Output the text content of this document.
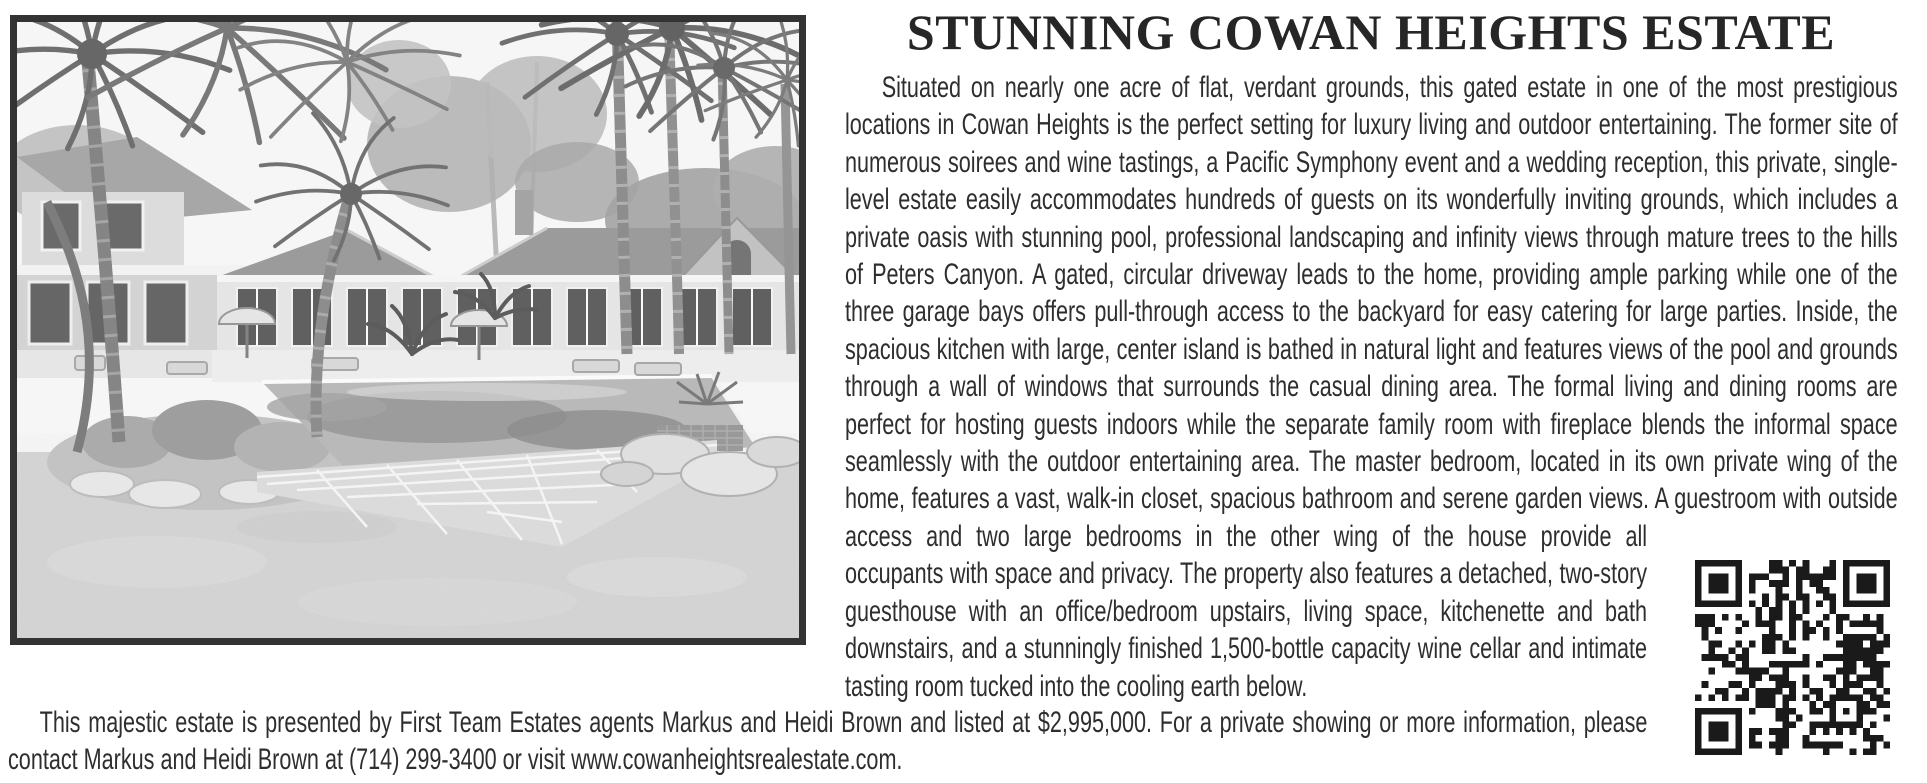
STUNNING COWAN HEIGHTS ESTATE

Situated on nearly one acre of flat, verdant grounds, this gated estate in one of the most prestigious locations in Cowan Heights is the perfect setting for luxury living and outdoor entertaining. The former site of numerous soirees and wine tastings, a Pacific Symphony event and a wedding reception, this private, single-level estate easily accommodates hundreds of guests on its wonderfully inviting grounds, which includes a private oasis with stunning pool, professional landscaping and infinity views through mature trees to the hills of Peters Canyon. A gated, circular driveway leads to the home, providing ample parking while one of the three garage bays offers pull-through access to the backyard for easy catering for large parties. Inside, the spacious kitchen with large, center island is bathed in natural light and features views of the pool and grounds through a wall of windows that surrounds the casual dining area. The formal living and dining rooms are perfect for hosting guests indoors while the separate family room with fireplace blends the informal space seamlessly with the outdoor entertaining area. The master bedroom, located in its own private wing of the home, features a vast, walk-in closet, spacious bathroom and serene garden views. A guestroom with outside access and two large bedrooms in the other wing of the house provide all occupants with space and privacy. The property also features a detached, two-story guesthouse with an office/bedroom upstairs, living space, kitchenette and bath downstairs, and a stunningly finished 1,500-bottle capacity wine cellar and intimate tasting room tucked into the cooling earth below.

This majestic estate is presented by First Team Estates agents Markus and Heidi Brown and listed at $2,995,000. For a private showing or more information, please contact Markus and Heidi Brown at (714) 299-3400 or visit www.cowanheightsrealestate.com.
